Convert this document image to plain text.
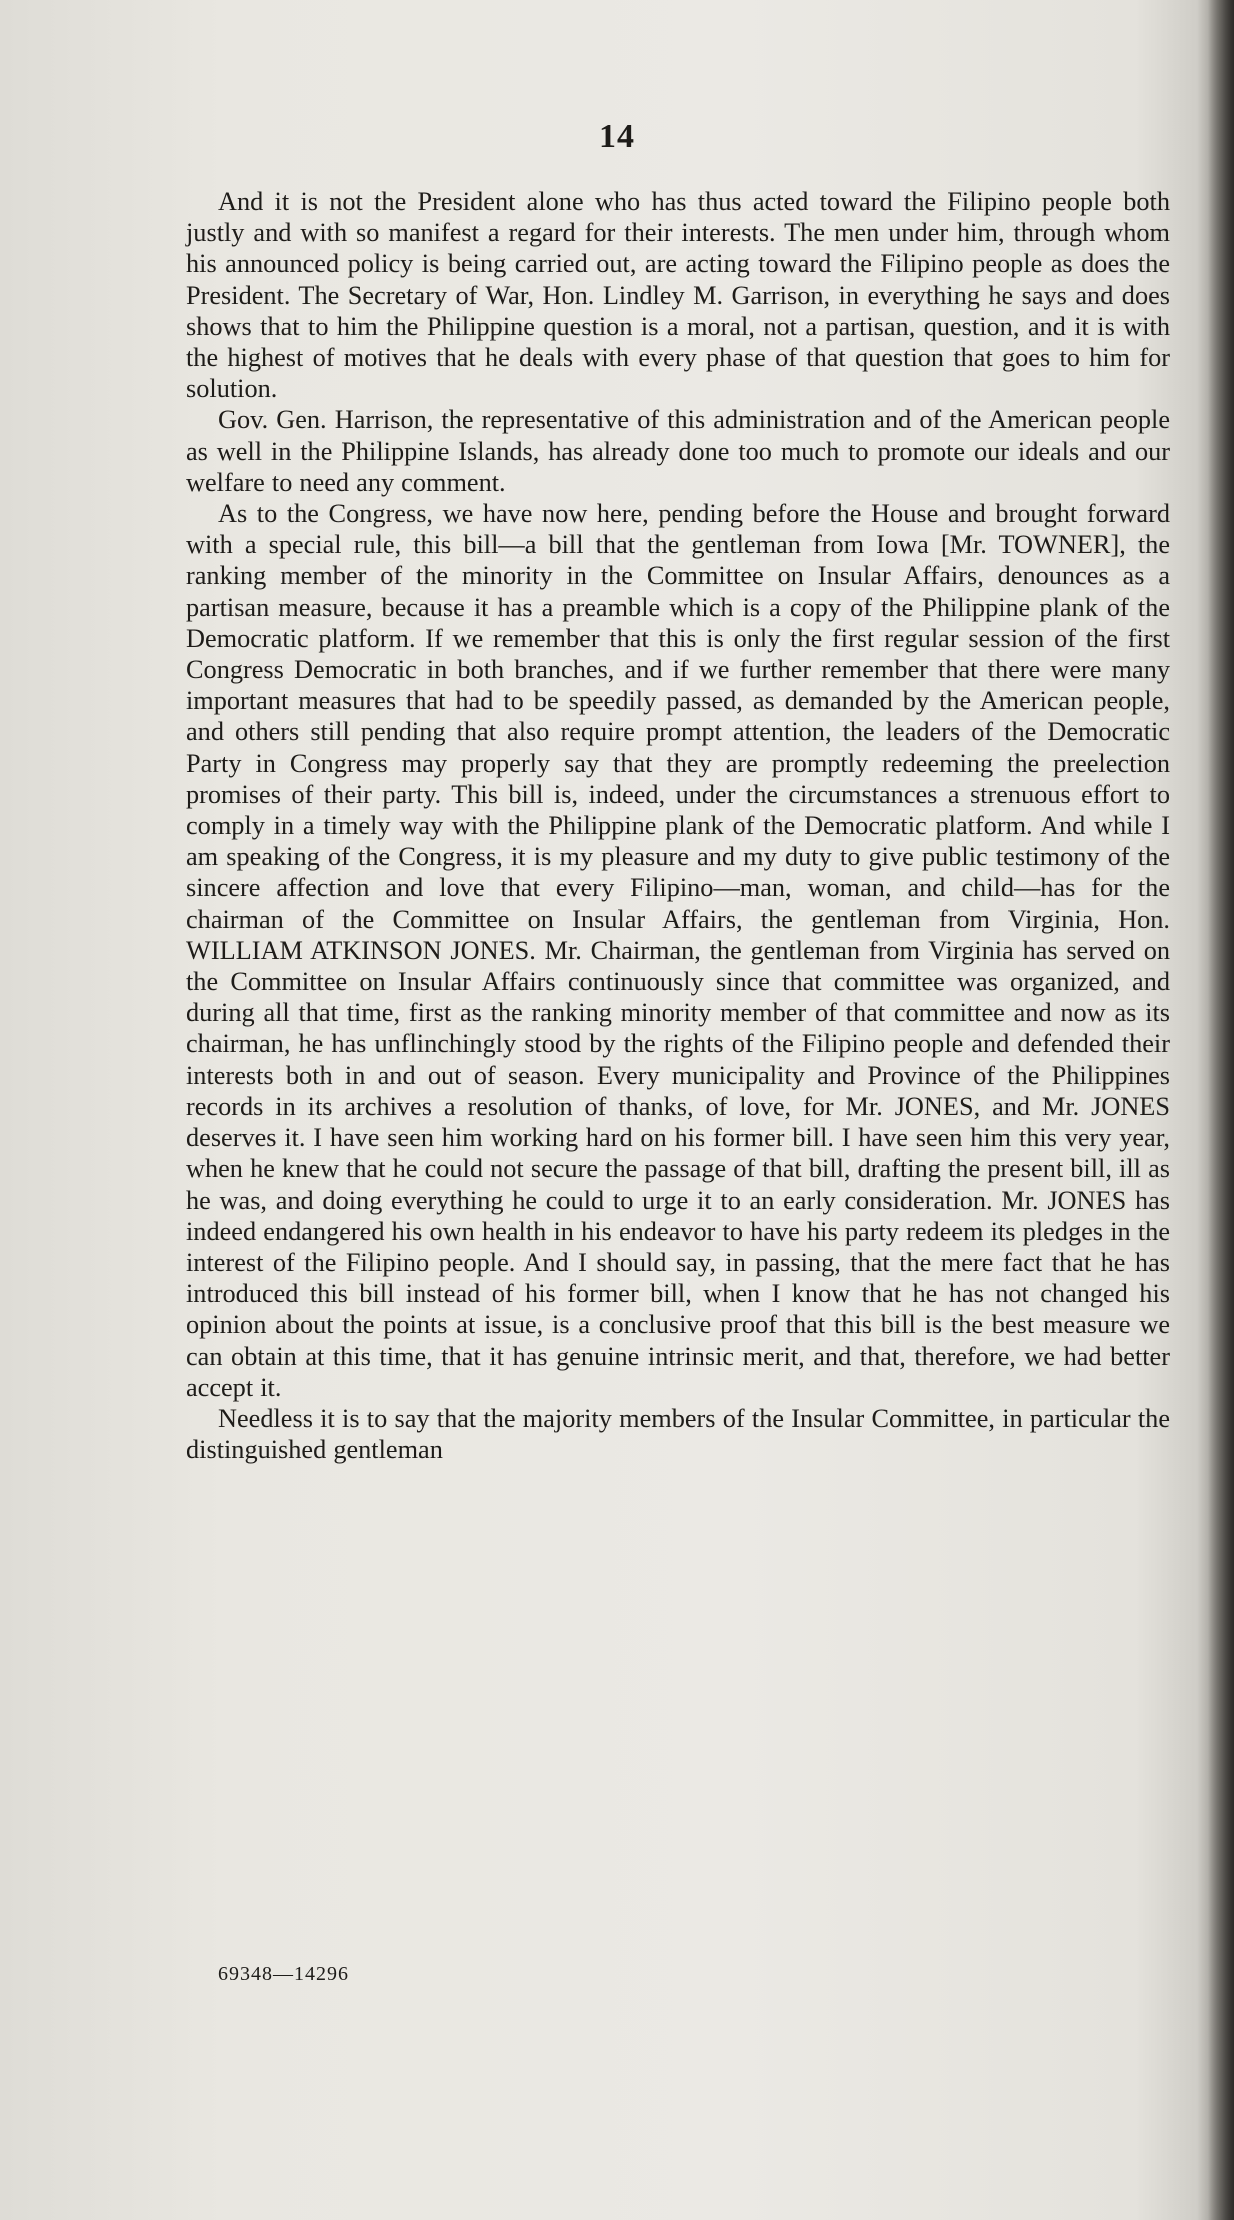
14

And it is not the President alone who has thus acted toward the Filipino people both justly and with so manifest a regard for their interests. The men under him, through whom his announced policy is being carried out, are acting toward the Filipino people as does the President. The Secretary of War, Hon. Lindley M. Garrison, in everything he says and does shows that to him the Philippine question is a moral, not a partisan, question, and it is with the highest of motives that he deals with every phase of that question that goes to him for solution.

Gov. Gen. Harrison, the representative of this administration and of the American people as well in the Philippine Islands, has already done too much to promote our ideals and our welfare to need any comment.

As to the Congress, we have now here, pending before the House and brought forward with a special rule, this bill—a bill that the gentleman from Iowa [Mr. TOWNER], the ranking member of the minority in the Committee on Insular Affairs, denounces as a partisan measure, because it has a preamble which is a copy of the Philippine plank of the Democratic platform. If we remember that this is only the first regular session of the first Congress Democratic in both branches, and if we further remember that there were many important measures that had to be speedily passed, as demanded by the American people, and others still pending that also require prompt attention, the leaders of the Democratic Party in Congress may properly say that they are promptly redeeming the preelection promises of their party. This bill is, indeed, under the circumstances a strenuous effort to comply in a timely way with the Philippine plank of the Democratic platform. And while I am speaking of the Congress, it is my pleasure and my duty to give public testimony of the sincere affection and love that every Filipino—man, woman, and child—has for the chairman of the Committee on Insular Affairs, the gentleman from Virginia, Hon. WILLIAM ATKINSON JONES. Mr. Chairman, the gentleman from Virginia has served on the Committee on Insular Affairs continuously since that committee was organized, and during all that time, first as the ranking minority member of that committee and now as its chairman, he has unflinchingly stood by the rights of the Filipino people and defended their interests both in and out of season. Every municipality and Province of the Philippines records in its archives a resolution of thanks, of love, for Mr. JONES, and Mr. JONES deserves it. I have seen him working hard on his former bill. I have seen him this very year, when he knew that he could not secure the passage of that bill, drafting the present bill, ill as he was, and doing everything he could to urge it to an early consideration. Mr. JONES has indeed endangered his own health in his endeavor to have his party redeem its pledges in the interest of the Filipino people. And I should say, in passing, that the mere fact that he has introduced this bill instead of his former bill, when I know that he has not changed his opinion about the points at issue, is a conclusive proof that this bill is the best measure we can obtain at this time, that it has genuine intrinsic merit, and that, therefore, we had better accept it.

Needless it is to say that the majority members of the Insular Committee, in particular the distinguished gentleman

69348—14296
